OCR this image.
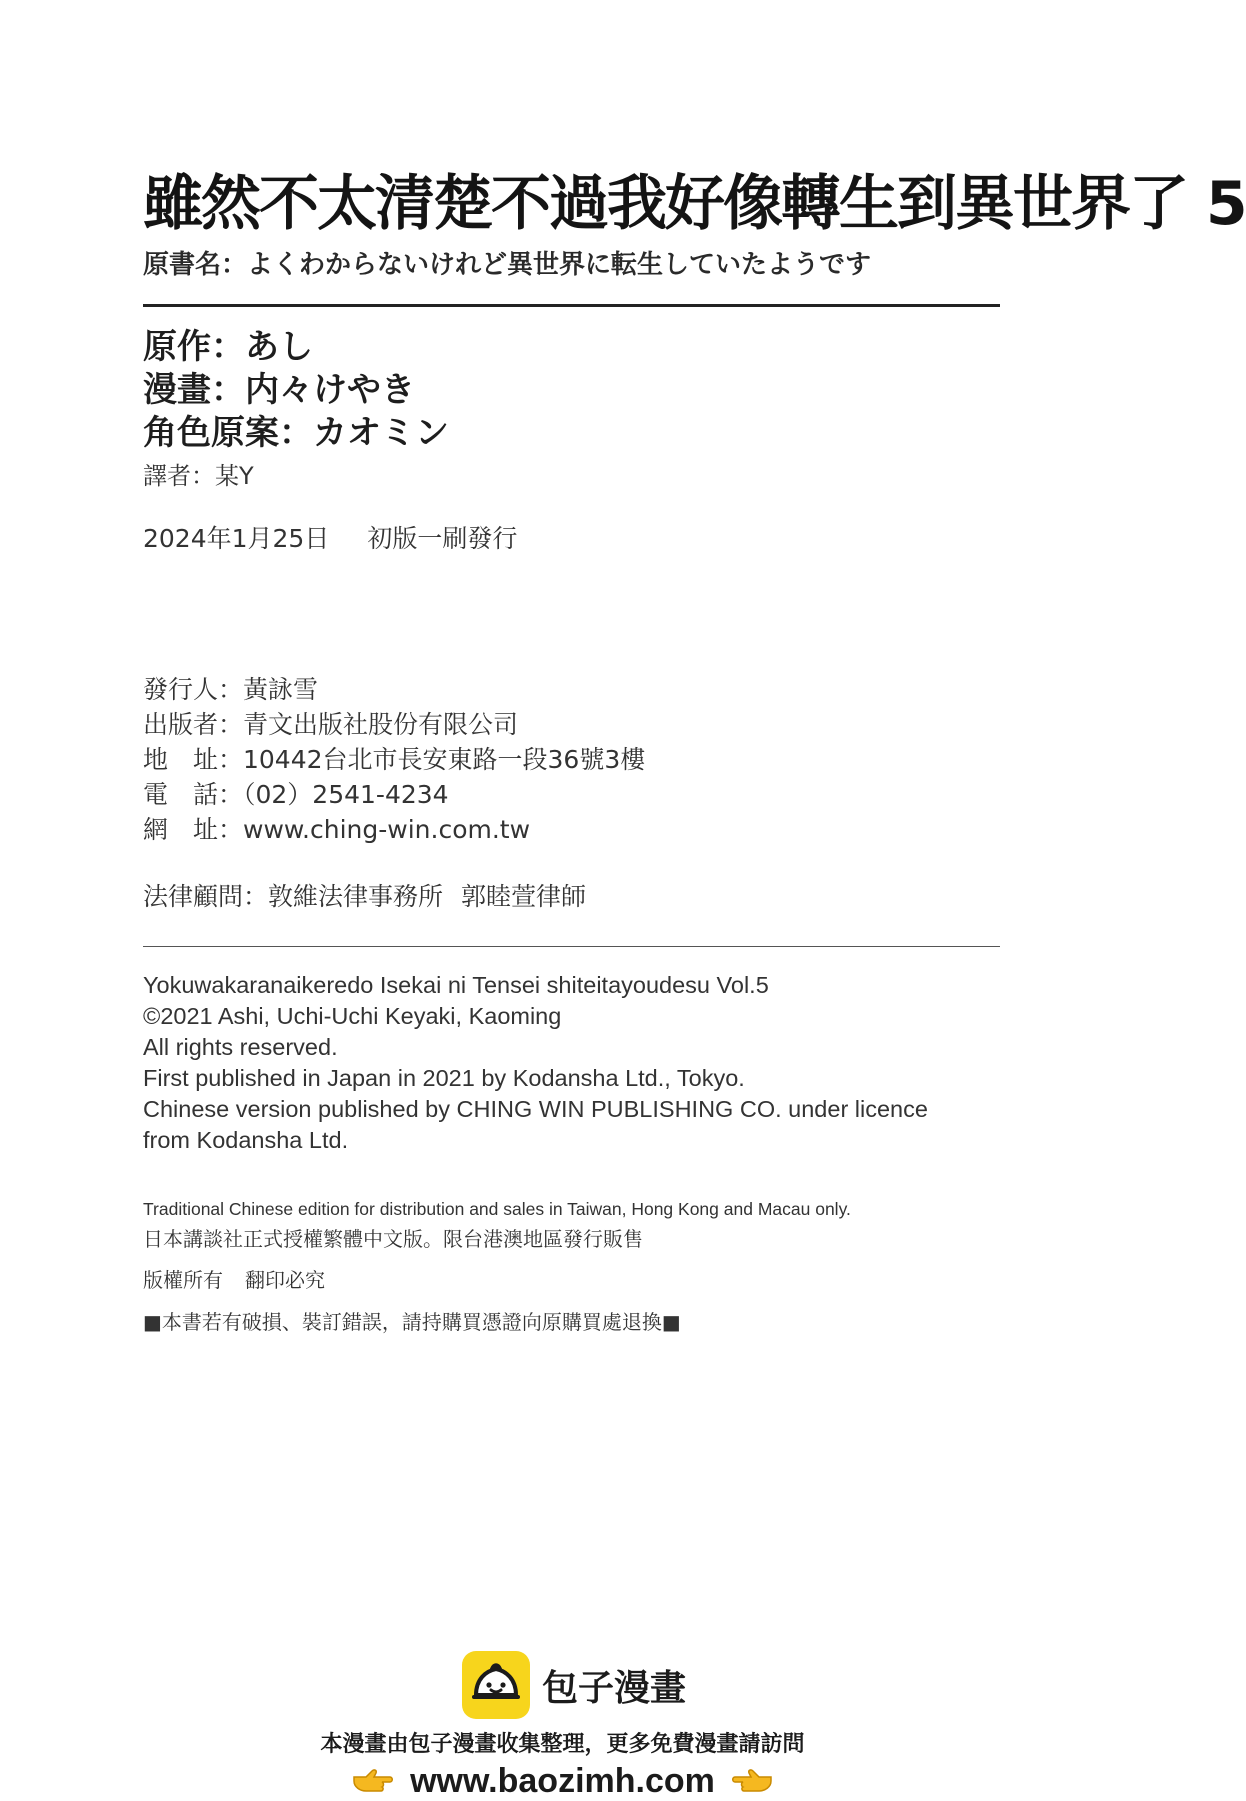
雖然不太清楚不過我好像轉生到異世界了 5
原書名：よくわからないけれど異世界に転生していたようです
原作：あし
漫畫：内々けやき
角色原案：カオミン
譯者：某Y
2024年1月25日 初版一刷發行
發行人：黃詠雪
出版者：青文出版社股份有限公司
地　址：10442台北市長安東路一段36號3樓
電　話：（02）2541-4234
網　址：www.ching-win.com.tw
法律顧問：敦維法律事務所 郭睦萱律師
Yokuwakaranaikeredo Isekai ni Tensei shiteitayoudesu Vol.5
©2021 Ashi, Uchi-Uchi Keyaki, Kaoming
All rights reserved.
First published in Japan in 2021 by Kodansha Ltd., Tokyo.
Chinese version published by CHING WIN PUBLISHING CO. under licence
from Kodansha Ltd.
Traditional Chinese edition for distribution and sales in Taiwan, Hong Kong and Macau only.
日本講談社正式授權繁體中文版。限台港澳地區發行販售
版權所有 翻印必究
■本書若有破損、裝訂錯誤，請持購買憑證向原購買處退換■
包子漫畫
本漫畫由包子漫畫收集整理，更多免費漫畫請訪問
www.baozimh.com
